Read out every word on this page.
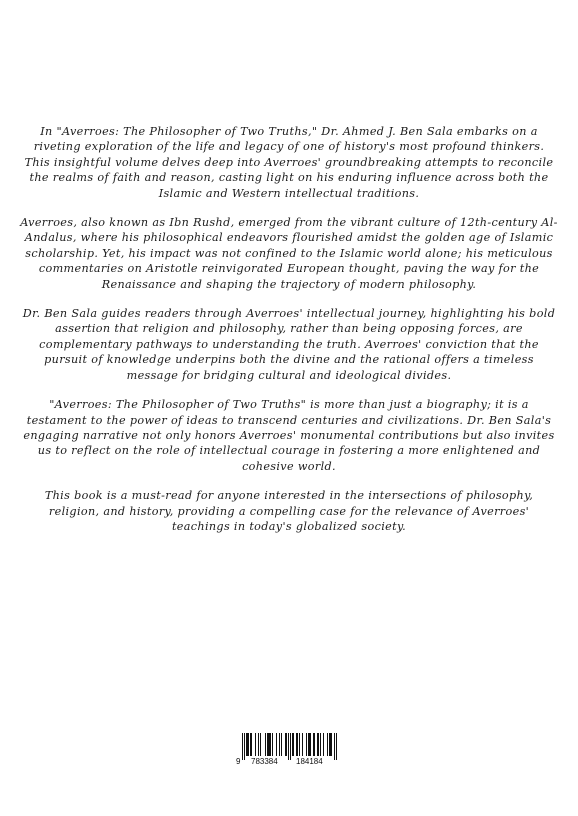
In "Averroes: The Philosopher of Two Truths," Dr. Ahmed J. Ben Sala embarks on a riveting exploration of the life and legacy of one of history's most profound thinkers. This insightful volume delves deep into Averroes' groundbreaking attempts to reconcile the realms of faith and reason, casting light on his enduring influence across both the Islamic and Western intellectual traditions.

Averroes, also known as Ibn Rushd, emerged from the vibrant culture of 12th-century Al-Andalus, where his philosophical endeavors flourished amidst the golden age of Islamic scholarship. Yet, his impact was not confined to the Islamic world alone; his meticulous commentaries on Aristotle reinvigorated European thought, paving the way for the Renaissance and shaping the trajectory of modern philosophy.

Dr. Ben Sala guides readers through Averroes' intellectual journey, highlighting his bold assertion that religion and philosophy, rather than being opposing forces, are complementary pathways to understanding the truth. Averroes' conviction that the pursuit of knowledge underpins both the divine and the rational offers a timeless message for bridging cultural and ideological divides.

"Averroes: The Philosopher of Two Truths" is more than just a biography; it is a testament to the power of ideas to transcend centuries and civilizations. Dr. Ben Sala's engaging narrative not only honors Averroes' monumental contributions but also invites us to reflect on the role of intellectual courage in fostering a more enlightened and cohesive world.

This book is a must-read for anyone interested in the intersections of philosophy, religion, and history, providing a compelling case for the relevance of Averroes' teachings in today's globalized society.

9 783384 184184
